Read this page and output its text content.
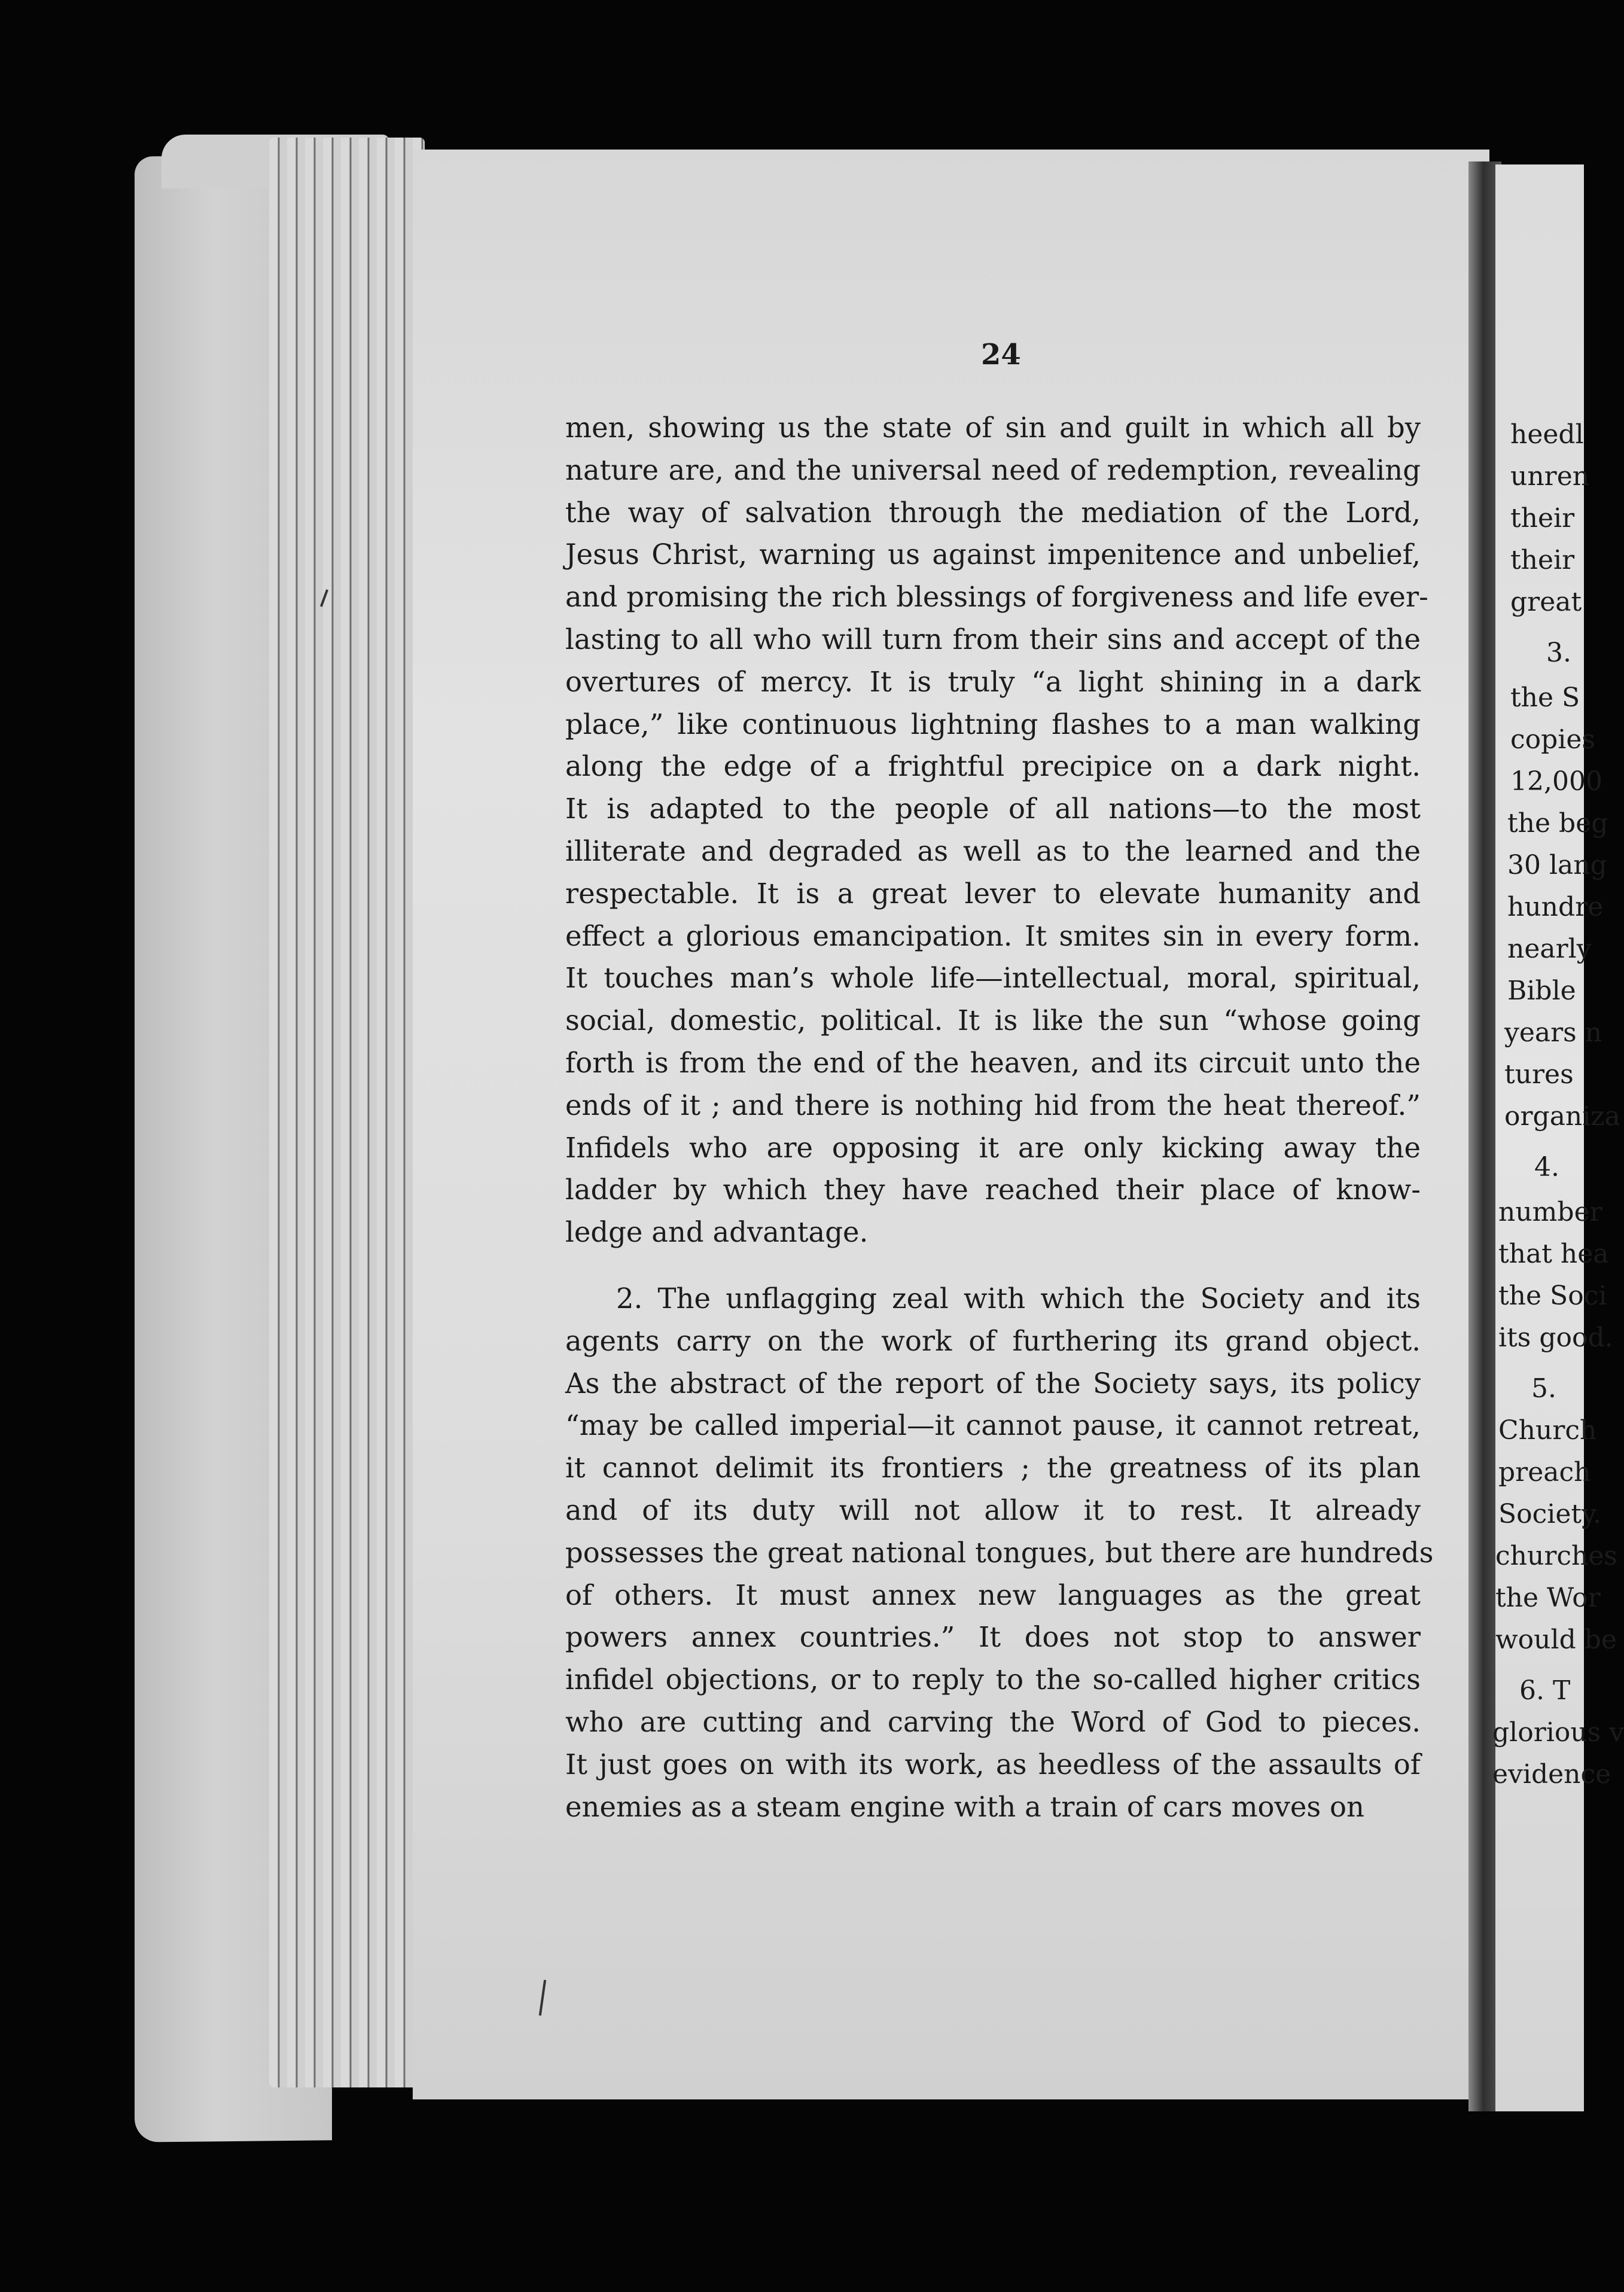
heedl
unren
their
their
great
3.
the S
copies
12,000
the beg
30 lang
hundre
nearly
Bible
years n
tures
organiza
4.
number
that hea
the Soci
its good.
5.
Church
preach
Society.
churches
the Wor
would be
6. T
glorious v
evidence
24
men, showing us the state of sin and guilt in which all by
nature are, and the universal need of redemption, revealing
the way of salvation through the mediation of the Lord,
Jesus Christ, warning us against impenitence and unbelief,
and promising the rich blessings of forgiveness and life ever-
lasting to all who will turn from their sins and accept of the
overtures of mercy. It is truly “a light shining in a dark
place,” like continuous lightning flashes to a man walking
along the edge of a frightful precipice on a dark night.
It is adapted to the people of all nations—to the most
illiterate and degraded as well as to the learned and the
respectable. It is a great lever to elevate humanity and
effect a glorious emancipation. It smites sin in every form.
It touches man’s whole life—intellectual, moral, spiritual,
social, domestic, political. It is like the sun “whose going
forth is from the end of the heaven, and its circuit unto the
ends of it ; and there is nothing hid from the heat thereof.”
Infidels who are opposing it are only kicking away the
ladder by which they have reached their place of know-
ledge and advantage.
2. The unflagging zeal with which the Society and its
agents carry on the work of furthering its grand object.
As the abstract of the report of the Society says, its policy
“may be called imperial—it cannot pause, it cannot retreat,
it cannot delimit its frontiers ; the greatness of its plan
and of its duty will not allow it to rest. It already
possesses the great national tongues, but there are hundreds
of others. It must annex new languages as the great
powers annex countries.” It does not stop to answer
infidel objections, or to reply to the so-called higher critics
who are cutting and carving the Word of God to pieces.
It just goes on with its work, as heedless of the assaults of
enemies as a steam engine with a train of cars moves on
